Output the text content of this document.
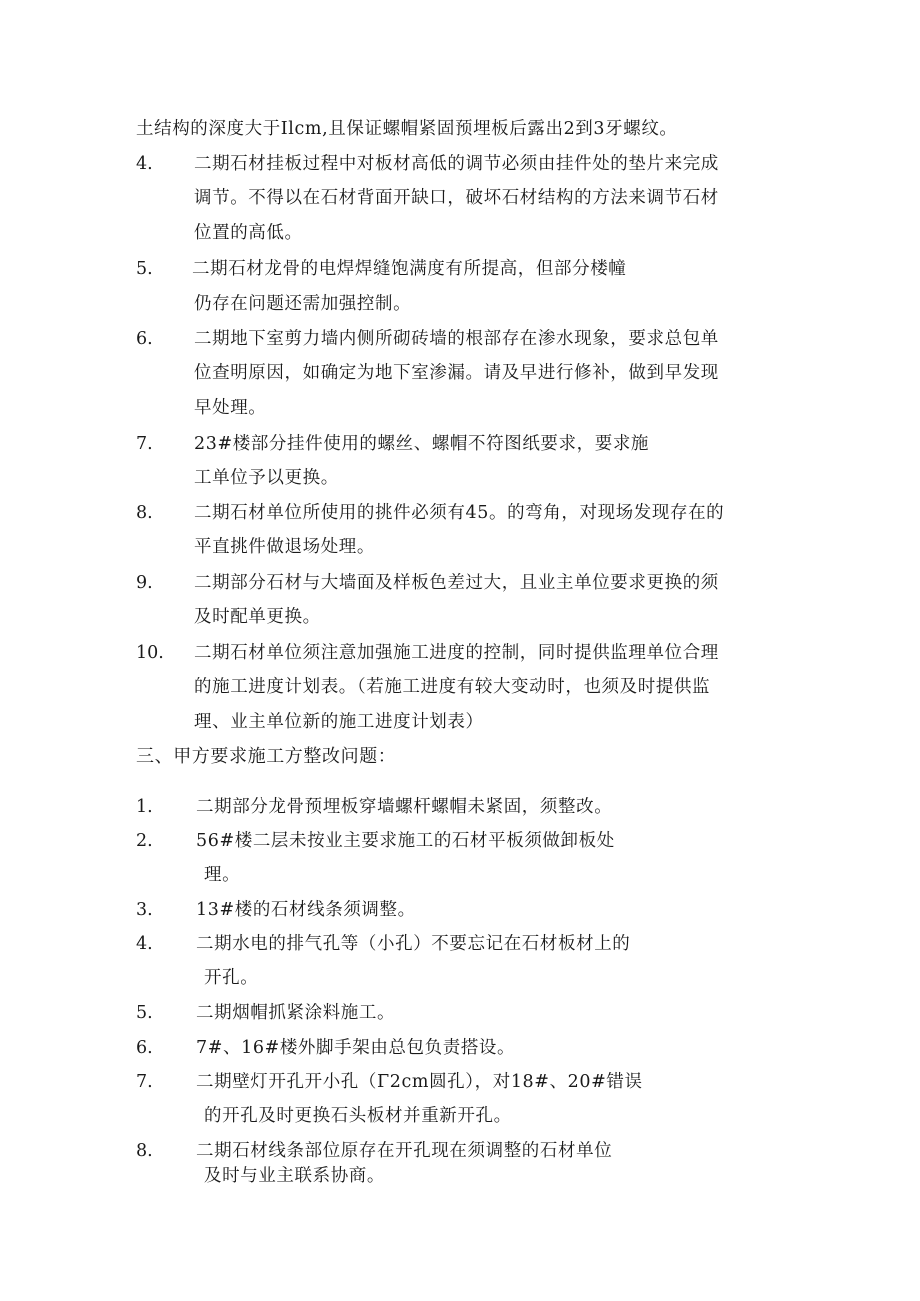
土结构的深度大于Ilcm,且保证螺帽紧固预埋板后露出2到3牙螺纹。
4. 二期石材挂板过程中对板材高低的调节必须由挂件处的垫片来完成
调节。不得以在石材背面开缺口，破坏石材结构的方法来调节石材
位置的高低。
5. 二期石材龙骨的电焊焊缝饱满度有所提高，但部分楼幢
仍存在问题还需加强控制。
6. 二期地下室剪力墙内侧所砌砖墙的根部存在渗水现象，要求总包单
位查明原因，如确定为地下室渗漏。请及早进行修补，做到早发现
早处理。
7. 23#楼部分挂件使用的螺丝、螺帽不符图纸要求，要求施
工单位予以更换。
8. 二期石材单位所使用的挑件必须有45。的弯角，对现场发现存在的
平直挑件做退场处理。
9. 二期部分石材与大墙面及样板色差过大，且业主单位要求更换的须
及时配单更换。
10. 二期石材单位须注意加强施工进度的控制，同时提供监理单位合理
的施工进度计划表。（若施工进度有较大变动时，也须及时提供监
理、业主单位新的施工进度计划表）
三、甲方要求施工方整改问题：
1. 二期部分龙骨预埋板穿墙螺杆螺帽未紧固，须整改。
2. 56#楼二层未按业主要求施工的石材平板须做卸板处
理。
3. 13#楼的石材线条须调整。
4. 二期水电的排气孔等（小孔）不要忘记在石材板材上的
开孔。
5. 二期烟帽抓紧涂料施工。
6. 7#、16#楼外脚手架由总包负责搭设。
7. 二期壁灯开孔开小孔（Γ2cm圆孔），对18#、20#错误
的开孔及时更换石头板材并重新开孔。
8. 二期石材线条部位原存在开孔现在须调整的石材单位
及时与业主联系协商。
